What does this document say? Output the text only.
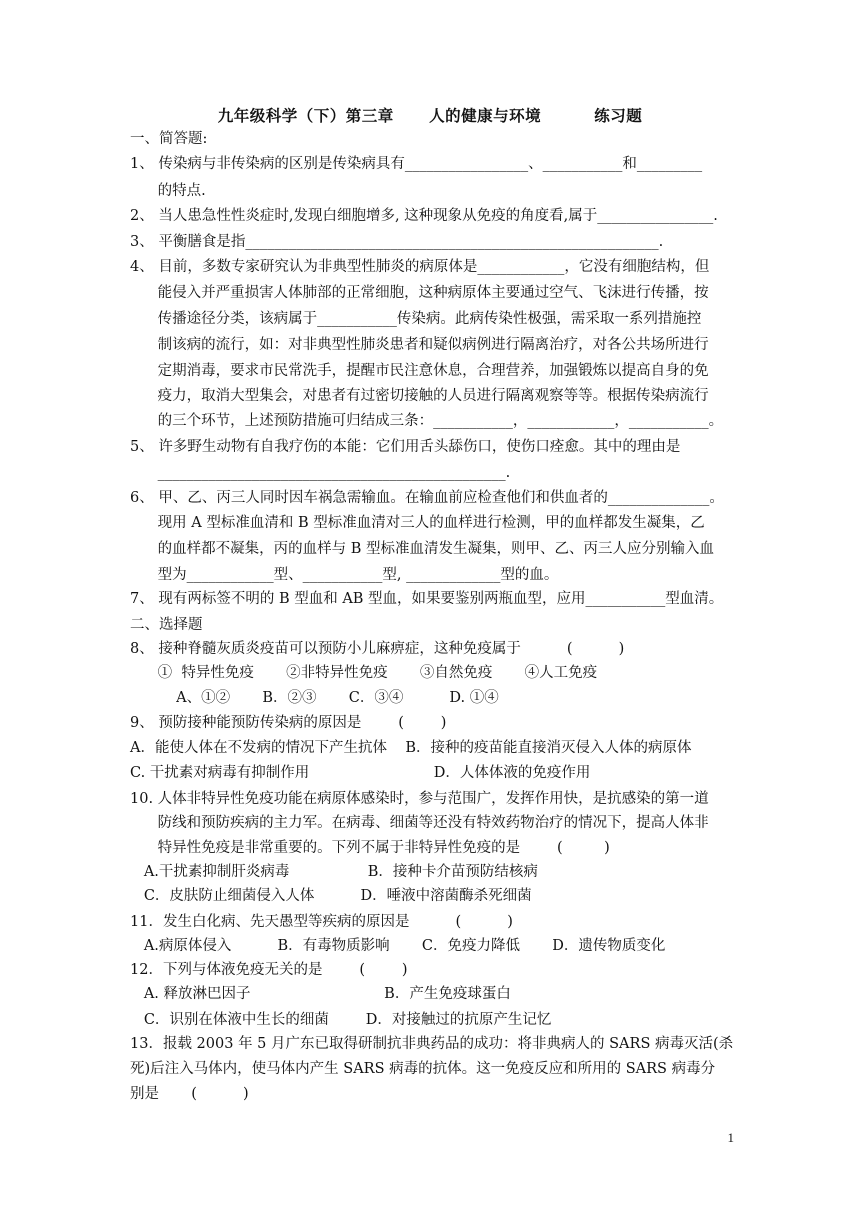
九年级科学（下）第三章      人的健康与环境         练习题
一、简答题:
1、 传染病与非传染病的区别是传染病具有_________________、___________和_________
的特点.
2、 当人患急性性炎症时,发现白细胞增多, 这种现象从免疫的角度看,属于________________.
3、 平衡膳食是指_________________________________________________________.
4、 目前，多数专家研究认为非典型性肺炎的病原体是____________，它没有细胞结构，但
能侵入并严重损害人体肺部的正常细胞，这种病原体主要通过空气、飞沫进行传播，按
传播途径分类，该病属于___________传染病。此病传染性极强，需采取一系列措施控
制该病的流行，如：对非典型性肺炎患者和疑似病例进行隔离治疗，对各公共场所进行
定期消毒，要求市民常洗手，提醒市民注意休息，合理营养，加强锻炼以提高自身的免
疫力，取消大型集会，对患者有过密切接触的人员进行隔离观察等等。根据传染病流行
的三个环节，上述预防措施可归结成三条：___________，____________，___________。
5、 许多野生动物有自我疗伤的本能：它们用舌头舔伤口，使伤口痊愈。其中的理由是
________________________________________________.
6、 甲、乙、丙三人同时因车祸急需输血。在输血前应检查他们和供血者的______________。
现用 A 型标准血清和 B 型标准血清对三人的血样进行检测，甲的血样都发生凝集，乙
的血样都不凝集，丙的血样与 B 型标准血清发生凝集，则甲、乙、丙三人应分别输入血
型为____________型、___________型, _____________型的血。
7、 现有两标签不明的 B 型血和 AB 型血，如果要鉴别两瓶血型，应用___________型血清。
二、选择题
8、 接种脊髓灰质炎疫苗可以预防小儿麻痹症，这种免疫属于          (          )
①  特异性免疫       ②非特异性免疫       ③自然免疫       ④人工免疫
A、①②       B．②③       C．③④          D. ①④
9、 预防接种能预防传染病的原因是        (        )
A．能使人体在不发病的情况下产生抗体    B．接种的疫苗能直接消灭侵入人体的病原体
C. 干扰素对病毒有抑制作用                           D．人体体液的免疫作用
10. 人体非特异性免疫功能在病原体感染时，参与范围广，发挥作用快，是抗感染的第一道
防线和预防疾病的主力军。在病毒、细菌等还没有特效药物治疗的情况下，提高人体非
特异性免疫是非常重要的。下列不属于非特异性免疫的是        (         )
A.干扰素抑制肝炎病毒                 B．接种卡介苗预防结核病
C．皮肤防止细菌侵入人体          D．唾液中溶菌酶杀死细菌
11．发生白化病、先天愚型等疾病的原因是          (          )
A.病原体侵入          B．有毒物质影响       C．免疫力降低       D．遗传物质变化
12．下列与体液免疫无关的是        (        )
A. 释放淋巴因子                             B．产生免疫球蛋白
C．识别在体液中生长的细菌        D．对接触过的抗原产生记忆
13．报载 2003 年 5 月广东已取得研制抗非典药品的成功：将非典病人的 SARS 病毒灭活(杀
死)后注入马体内，使马体内产生 SARS 病毒的抗体。这一免疫反应和所用的 SARS 病毒分
别是       (          )
1
